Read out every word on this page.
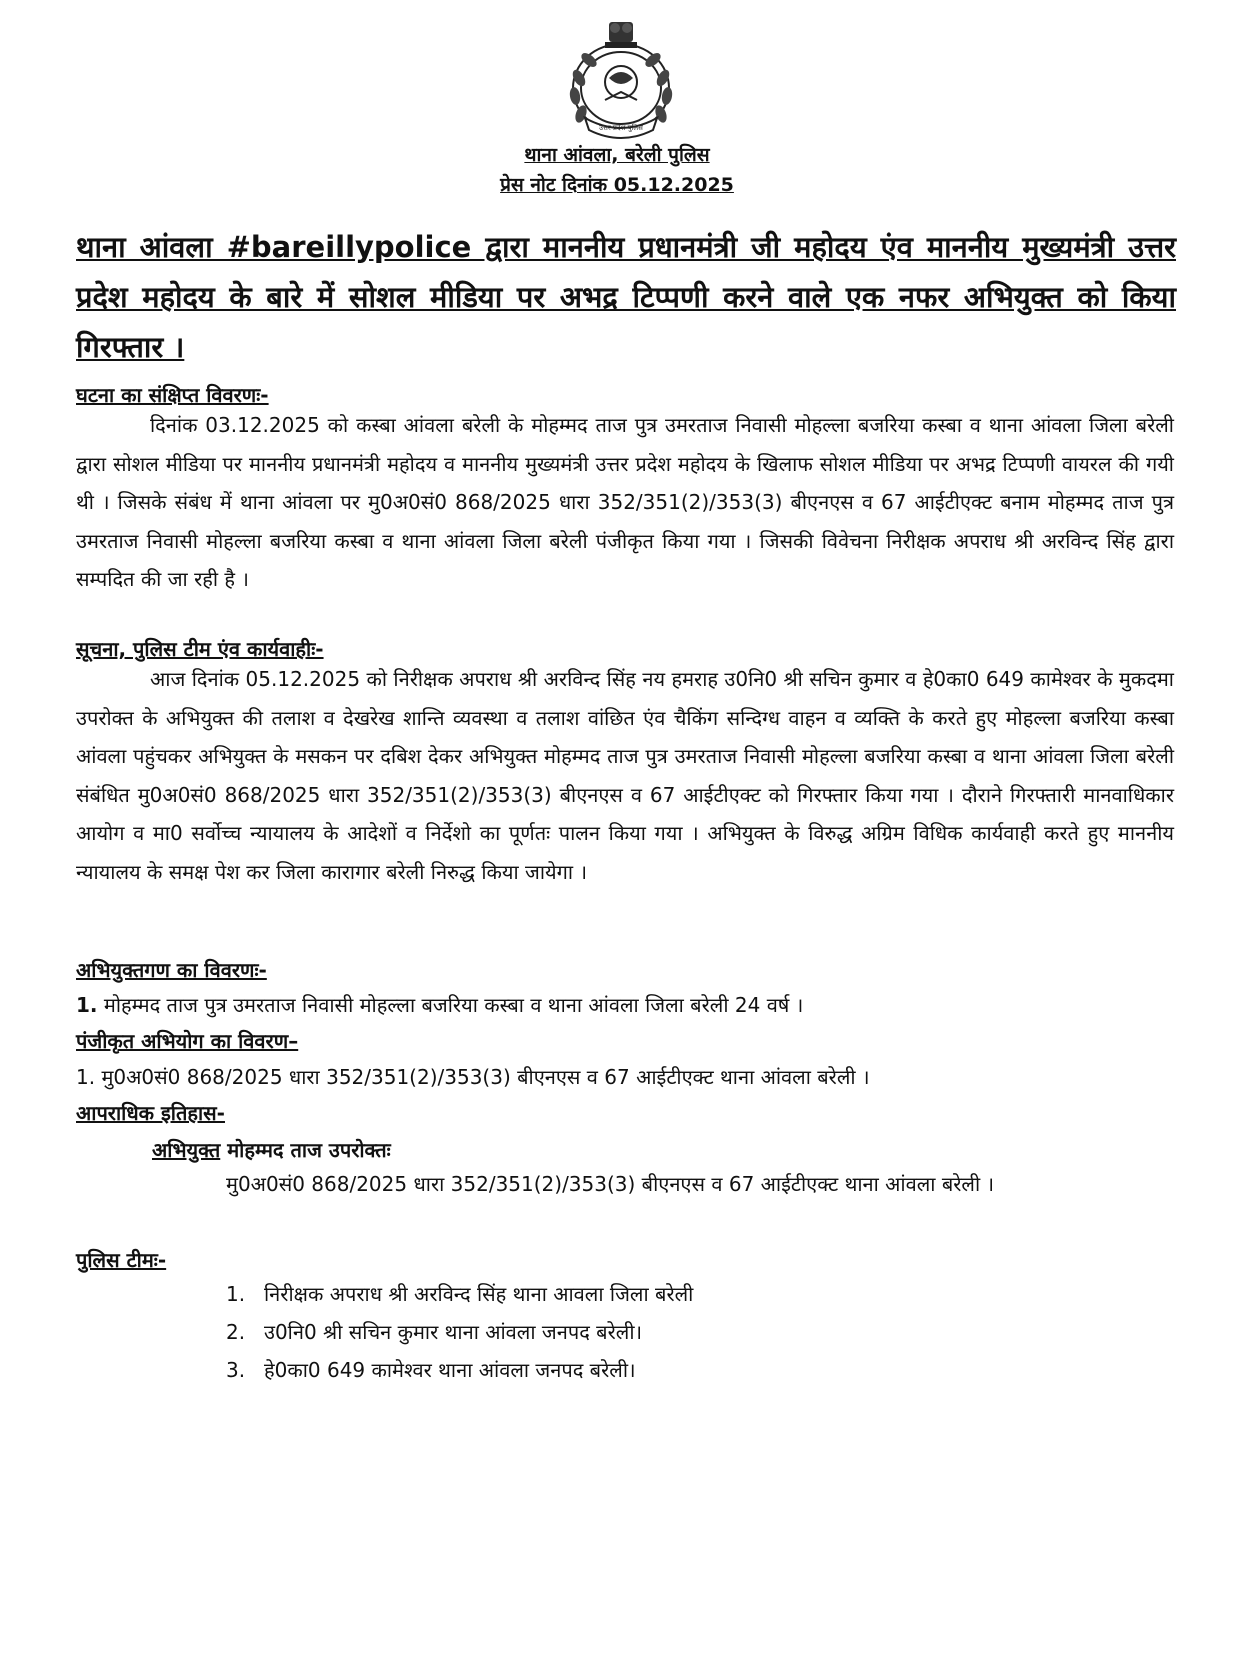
उत्तर प्रदेश पुलिस
थाना आंवला, बरेली पुलिस
प्रेस नोट दिनांक 05.12.2025
थाना आंवला #bareillypolice द्वारा माननीय प्रधानमंत्री जी महोदय एंव माननीय मुख्यमंत्री उत्तर प्रदेश महोदय के बारे में सोशल मीडिया पर अभद्र टिप्पणी करने वाले एक नफर अभियुक्त को किया गिरफ्तार ।
घटना का संक्षिप्त विवरणः-
दिनांक 03.12.2025 को कस्बा आंवला बरेली के मोहम्मद ताज पुत्र उमरताज निवासी मोहल्ला बजरिया कस्बा व थाना आंवला जिला बरेली द्वारा सोशल मीडिया पर माननीय प्रधानमंत्री महोदय व माननीय मुख्यमंत्री उत्तर प्रदेश महोदय के खिलाफ सोशल मीडिया पर अभद्र टिप्पणी वायरल की गयी थी । जिसके संबंध में थाना आंवला पर मु0अ0सं0 868/2025 धारा 352/351(2)/353(3) बीएनएस व 67 आईटीएक्ट बनाम मोहम्मद ताज पुत्र उमरताज निवासी मोहल्ला बजरिया कस्बा व थाना आंवला जिला बरेली पंजीकृत किया गया । जिसकी विवेचना निरीक्षक अपराध श्री अरविन्द सिंह द्वारा सम्पदित की जा रही है ।
सूचना, पुलिस टीम एंव कार्यवाहीः-
आज दिनांक 05.12.2025 को निरीक्षक अपराध श्री अरविन्द सिंह नय हमराह उ0नि0 श्री सचिन कुमार व हे0का0 649 कामेश्वर के मुकदमा उपरोक्त के अभियुक्त की तलाश व देखरेख शान्ति व्यवस्था व तलाश वांछित एंव चैकिंग सन्दिग्ध वाहन व व्यक्ति के करते हुए मोहल्ला बजरिया कस्बा आंवला पहुंचकर अभियुक्त के मसकन पर दबिश देकर अभियुक्त मोहम्मद ताज पुत्र उमरताज निवासी मोहल्ला बजरिया कस्बा व थाना आंवला जिला बरेली संबंधित मु0अ0सं0 868/2025 धारा 352/351(2)/353(3) बीएनएस व 67 आईटीएक्ट को गिरफ्तार किया गया । दौराने गिरफ्तारी मानवाधिकार आयोग व मा0 सर्वोच्च न्यायालय के आदेशों व निर्देशो का पूर्णतः पालन किया गया । अभियुक्त के विरुद्ध अग्रिम विधिक कार्यवाही करते हुए माननीय न्यायालय के समक्ष पेश कर जिला कारागार बरेली निरुद्ध किया जायेगा ।
अभियुक्तगण का विवरणः-
1. मोहम्मद ताज पुत्र उमरताज निवासी मोहल्ला बजरिया कस्बा व थाना आंवला जिला बरेली 24 वर्ष ।
पंजीकृत अभियोग का विवरण–
1. मु0अ0सं0 868/2025 धारा 352/351(2)/353(3) बीएनएस व 67 आईटीएक्ट थाना आंवला बरेली ।
आपराधिक इतिहास-
अभियुक्त मोहम्मद ताज उपरोक्तः
मु0अ0सं0 868/2025 धारा 352/351(2)/353(3) बीएनएस व 67 आईटीएक्ट थाना आंवला बरेली ।
पुलिस टीमः-
1. निरीक्षक अपराध श्री अरविन्द सिंह थाना आवला जिला बरेली
2. उ0नि0 श्री सचिन कुमार थाना आंवला जनपद बरेली।
3. हे0का0 649 कामेश्वर थाना आंवला जनपद बरेली।
